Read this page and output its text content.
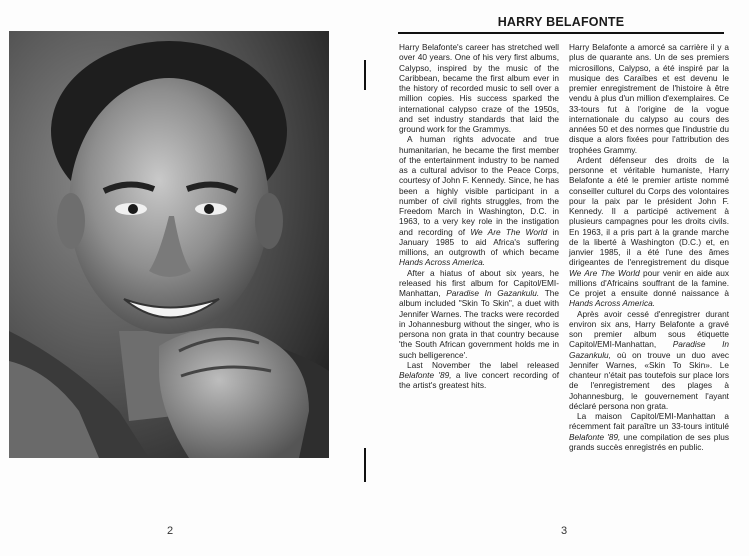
HARRY BELAFONTE

Harry Belafonte's career has stretched well over 40 years. One of his very first albums, Calypso, inspired by the music of the Caribbean, became the first album ever in the history of recorded music to sell over a million copies. His success sparked the international calypso craze of the 1950s, and set industry standards that laid the ground work for the Grammys.

A human rights advocate and true humanitarian, he became the first member of the entertainment industry to be named as a cultural advisor to the Peace Corps, courtesy of John F. Kennedy. Since, he has been a highly visible participant in a number of civil rights struggles, from the Freedom March in Washington, D.C. in 1963, to a very key role in the instigation and recording of We Are The World in January 1985 to aid Africa's suffering millions, an outgrowth of which became Hands Across America.

After a hiatus of about six years, he released his first album for Capitol/EMI-Manhattan, Paradise In Gazankulu. The album included "Skin To Skin", a duet with Jennifer Warnes. The tracks were recorded in Johannesburg without the singer, who is persona non grata in that country because 'the South African government holds me in such belligerence'.

Last November the label released Belafonte '89, a live concert recording of the artist's greatest hits.

Harry Belafonte a amorcé sa carrière il y a plus de quarante ans. Un de ses premiers microsillons, Calypso, a été inspiré par la musique des Caraïbes et est devenu le premier enregistrement de l'histoire à être vendu à plus d'un million d'exemplaires. Ce 33-tours fut à l'origine de la vogue internationale du calypso au cours des années 50 et des normes que l'industrie du disque a alors fixées pour l'attribution des trophées Grammy.

Ardent défenseur des droits de la personne et véritable humaniste, Harry Belafonte a été le premier artiste nommé conseiller culturel du Corps des volontaires pour la paix par le président John F. Kennedy. Il a participé activement à plusieurs campagnes pour les droits civils. En 1963, il a pris part à la grande marche de la liberté à Washington (D.C.) et, en janvier 1985, il a été l'une des âmes dirigeantes de l'enregistrement du disque We Are The World pour venir en aide aux millions d'Africains souffrant de la famine. Ce projet a ensuite donné naissance à Hands Across America.

Après avoir cessé d'enregistrer durant environ six ans, Harry Belafonte a gravé son premier album sous étiquette Capitol/EMI-Manhattan, Paradise In Gazankulu, où on trouve un duo avec Jennifer Warnes, «Skin To Skin». Le chanteur n'était pas toutefois sur place lors de l'enregistrement des plages à Johannesburg, le gouvernement l'ayant déclaré persona non grata.

La maison Capitol/EMI-Manhattan a récemment fait paraître un 33-tours intitulé Belafonte '89, une compilation de ses plus grands succès enregistrés en public.

2	3
